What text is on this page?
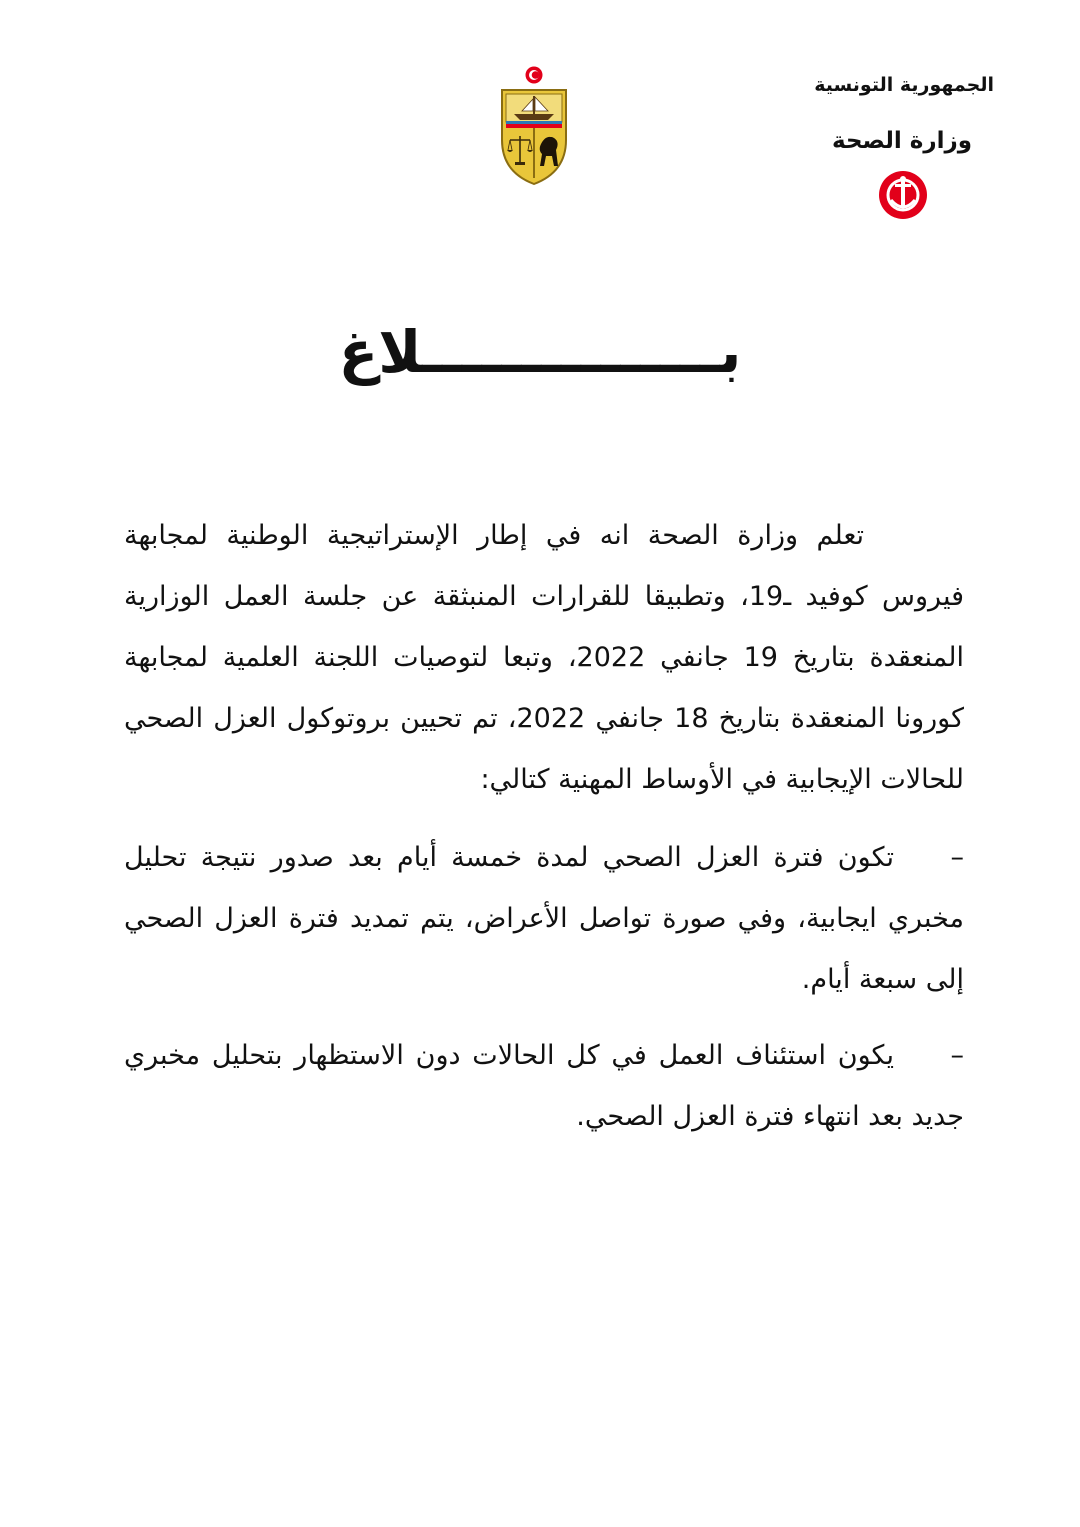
الجمهورية التونسية
وزارة الصحة
بـــــــــــــــلاغ
تعلم وزارة الصحة انه في إطار الإستراتيجية الوطنية لمجابهة فيروس كوفيد ـ19، وتطبيقا للقرارات المنبثقة عن جلسة العمل الوزارية المنعقدة بتاريخ 19 جانفي 2022، وتبعا لتوصيات اللجنة العلمية لمجابهة كورونا المنعقدة بتاريخ 18 جانفي 2022، تم تحيين بروتوكول العزل الصحي للحالات الإيجابية في الأوساط المهنية كتالي:
–تكون فترة العزل الصحي لمدة خمسة أيام بعد صدور نتيجة تحليل مخبري ايجابية، وفي صورة تواصل الأعراض، يتم تمديد فترة العزل الصحي إلى سبعة أيام.
–يكون استئناف العمل في كل الحالات دون الاستظهار بتحليل مخبري جديد بعد انتهاء فترة العزل الصحي.
